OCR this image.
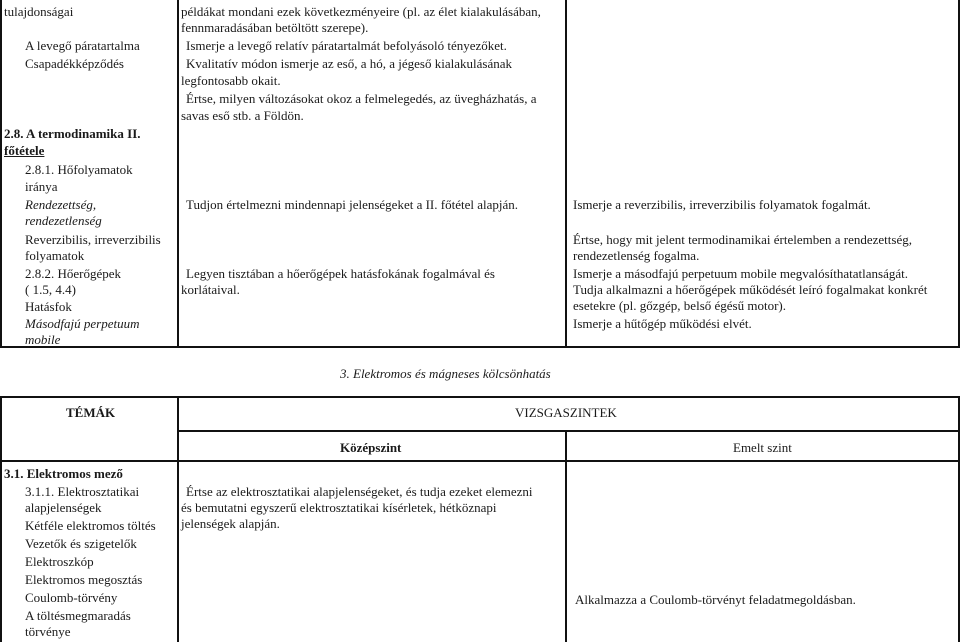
tulajdonságai
A levegő páratartalma
Csapadékképződés
2.8. A termodinamika II.
főtétele
2.8.1. Hőfolyamatok
iránya
Rendezettség,
rendezetlenség
Reverzibilis, irreverzibilis
folyamatok
2.8.2. Hőerőgépek
( 1.5, 4.4)
Hatásfok
Másodfajú perpetuum
mobile
példákat mondani ezek következményeire (pl. az élet kialakulásában,
fennmaradásában betöltött szerepe).
Ismerje a levegő relatív páratartalmát befolyásoló tényezőket.
Kvalitatív módon ismerje az eső, a hó, a jégeső kialakulásának
legfontosabb okait.
Értse, milyen változásokat okoz a felmelegedés, az üvegházhatás, a
savas eső stb. a Földön.
Tudjon értelmezni mindennapi jelenségeket a II. főtétel alapján.
Legyen tisztában a hőerőgépek hatásfokának fogalmával és
korlátaival.
Ismerje a reverzibilis, irreverzibilis folyamatok fogalmát.
Értse, hogy mit jelent termodinamikai értelemben a rendezettség,
rendezetlenség fogalma.
Ismerje a másodfajú perpetuum mobile megvalósíthatatlanságát.
Tudja alkalmazni a hőerőgépek működését leíró fogalmakat konkrét
esetekre (pl. gőzgép, belső égésű motor).
Ismerje a hűtőgép működési elvét.
3. Elektromos és mágneses kölcsönhatás
TÉMÁK	VIZSGASZINTEK
Középszint	Emelt szint
3.1. Elektromos mező
3.1.1. Elektrosztatikai
alapjelenségek
Kétféle elektromos töltés
Vezetők és szigetelők
Elektroszkóp
Elektromos megosztás
Coulomb-törvény
A töltésmegmaradás
törvénye
Értse az elektrosztatikai alapjelenségeket, és tudja ezeket elemezni
és bemutatni egyszerű elektrosztatikai kísérletek, hétköznapi
jelenségek alapján.
Alkalmazza a Coulomb-törvényt feladatmegoldásban.
